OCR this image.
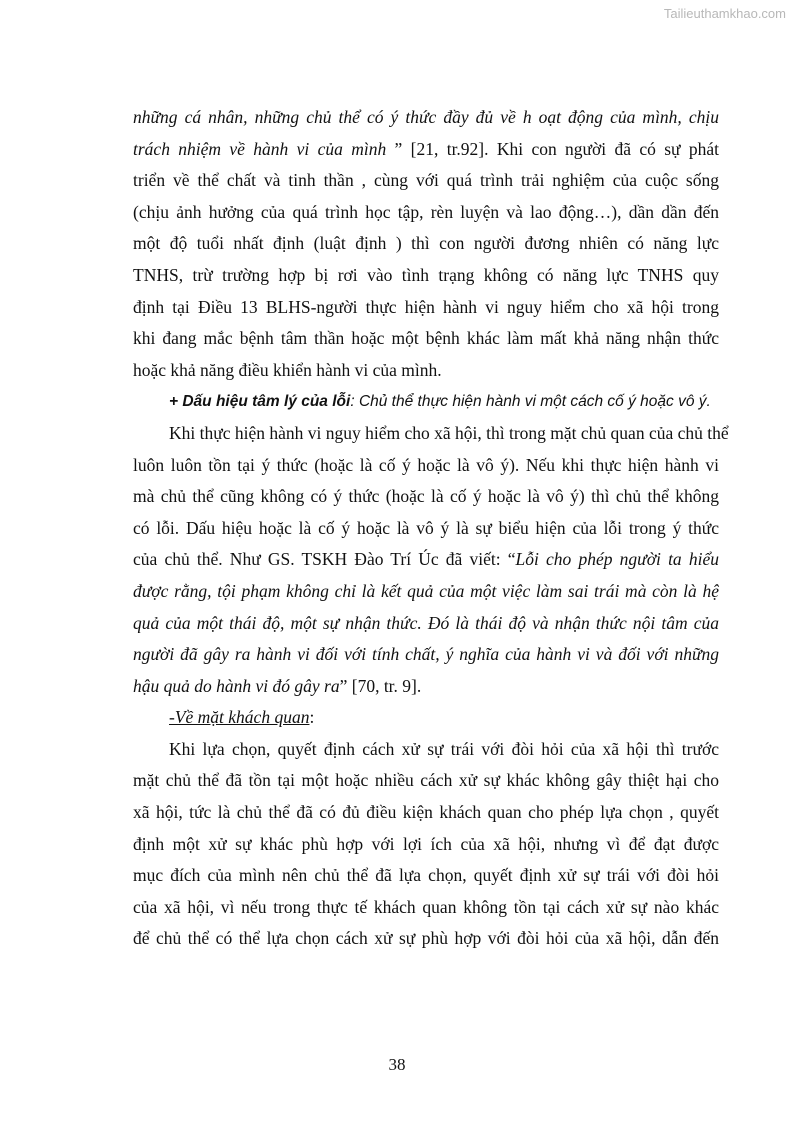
Tailieuthamkhao.com
những cá nhân, những chủ thể có ý thức đầy đủ về h oạt động của mình, chịu
trách nhiệm về hành vi của mình ” [21, tr.92]. Khi con người đã có sự phát
triển về thể chất và tinh thần , cùng với quá trình trải nghiệm của cuộc sống
(chịu ảnh hưởng của quá trình học tập, rèn luyện và lao động…), dần dần đến
một độ tuổi nhất định (luật định ) thì con người đương nhiên có năng lực
TNHS, trừ trường hợp bị rơi vào tình trạng không có năng lực TNHS quy
định tại Điều 13 BLHS-người thực hiện hành vi nguy hiểm cho xã hội trong
khi đang mắc bệnh tâm thần hoặc một bệnh khác làm mất khả năng nhận thức
hoặc khả năng điều khiển hành vi của mình.
+ Dấu hiệu tâm lý của lỗi: Chủ thể thực hiện hành vi một cách cố ý hoặc vô ý.
Khi thực hiện hành vi nguy hiểm cho xã hội, thì trong mặt chủ quan của chủ thể
luôn luôn tồn tại ý thức (hoặc là cố ý hoặc là vô ý). Nếu khi thực hiện hành vi
mà chủ thể cũng không có ý thức (hoặc là cố ý hoặc là vô ý) thì chủ thể không
có lỗi. Dấu hiệu hoặc là cố ý hoặc là vô ý là sự biểu hiện của lỗi trong ý thức
của chủ thể. Như GS. TSKH Đào Trí Úc đã viết: “Lỗi cho phép người ta hiểu
được rằng, tội phạm không chỉ là kết quả của một việc làm sai trái mà còn là hệ
quả của một thái độ, một sự nhận thức. Đó là thái độ và nhận thức nội tâm của
người đã gây ra hành vi đối với tính chất, ý nghĩa của hành vi và đối với những
hậu quả do hành vi đó gây ra” [70, tr. 9].
-Về mặt khách quan:
Khi lựa chọn, quyết định cách xử sự trái với đòi hỏi của xã hội thì trước
mặt chủ thể đã tồn tại một hoặc nhiều cách xử sự khác không gây thiệt hại cho
xã hội, tức là chủ thể đã có đủ điều kiện khách quan cho phép lựa chọn , quyết
định một xử sự khác phù hợp với lợi ích của xã hội, nhưng vì để đạt được
mục đích của mình nên chủ thể đã lựa chọn, quyết định xử sự trái với đòi hỏi
của xã hội, vì nếu trong thực tế khách quan không tồn tại cách xử sự nào khác
để chủ thể có thể lựa chọn cách xử sự phù hợp với đòi hỏi của xã hội, dẫn đến
38
